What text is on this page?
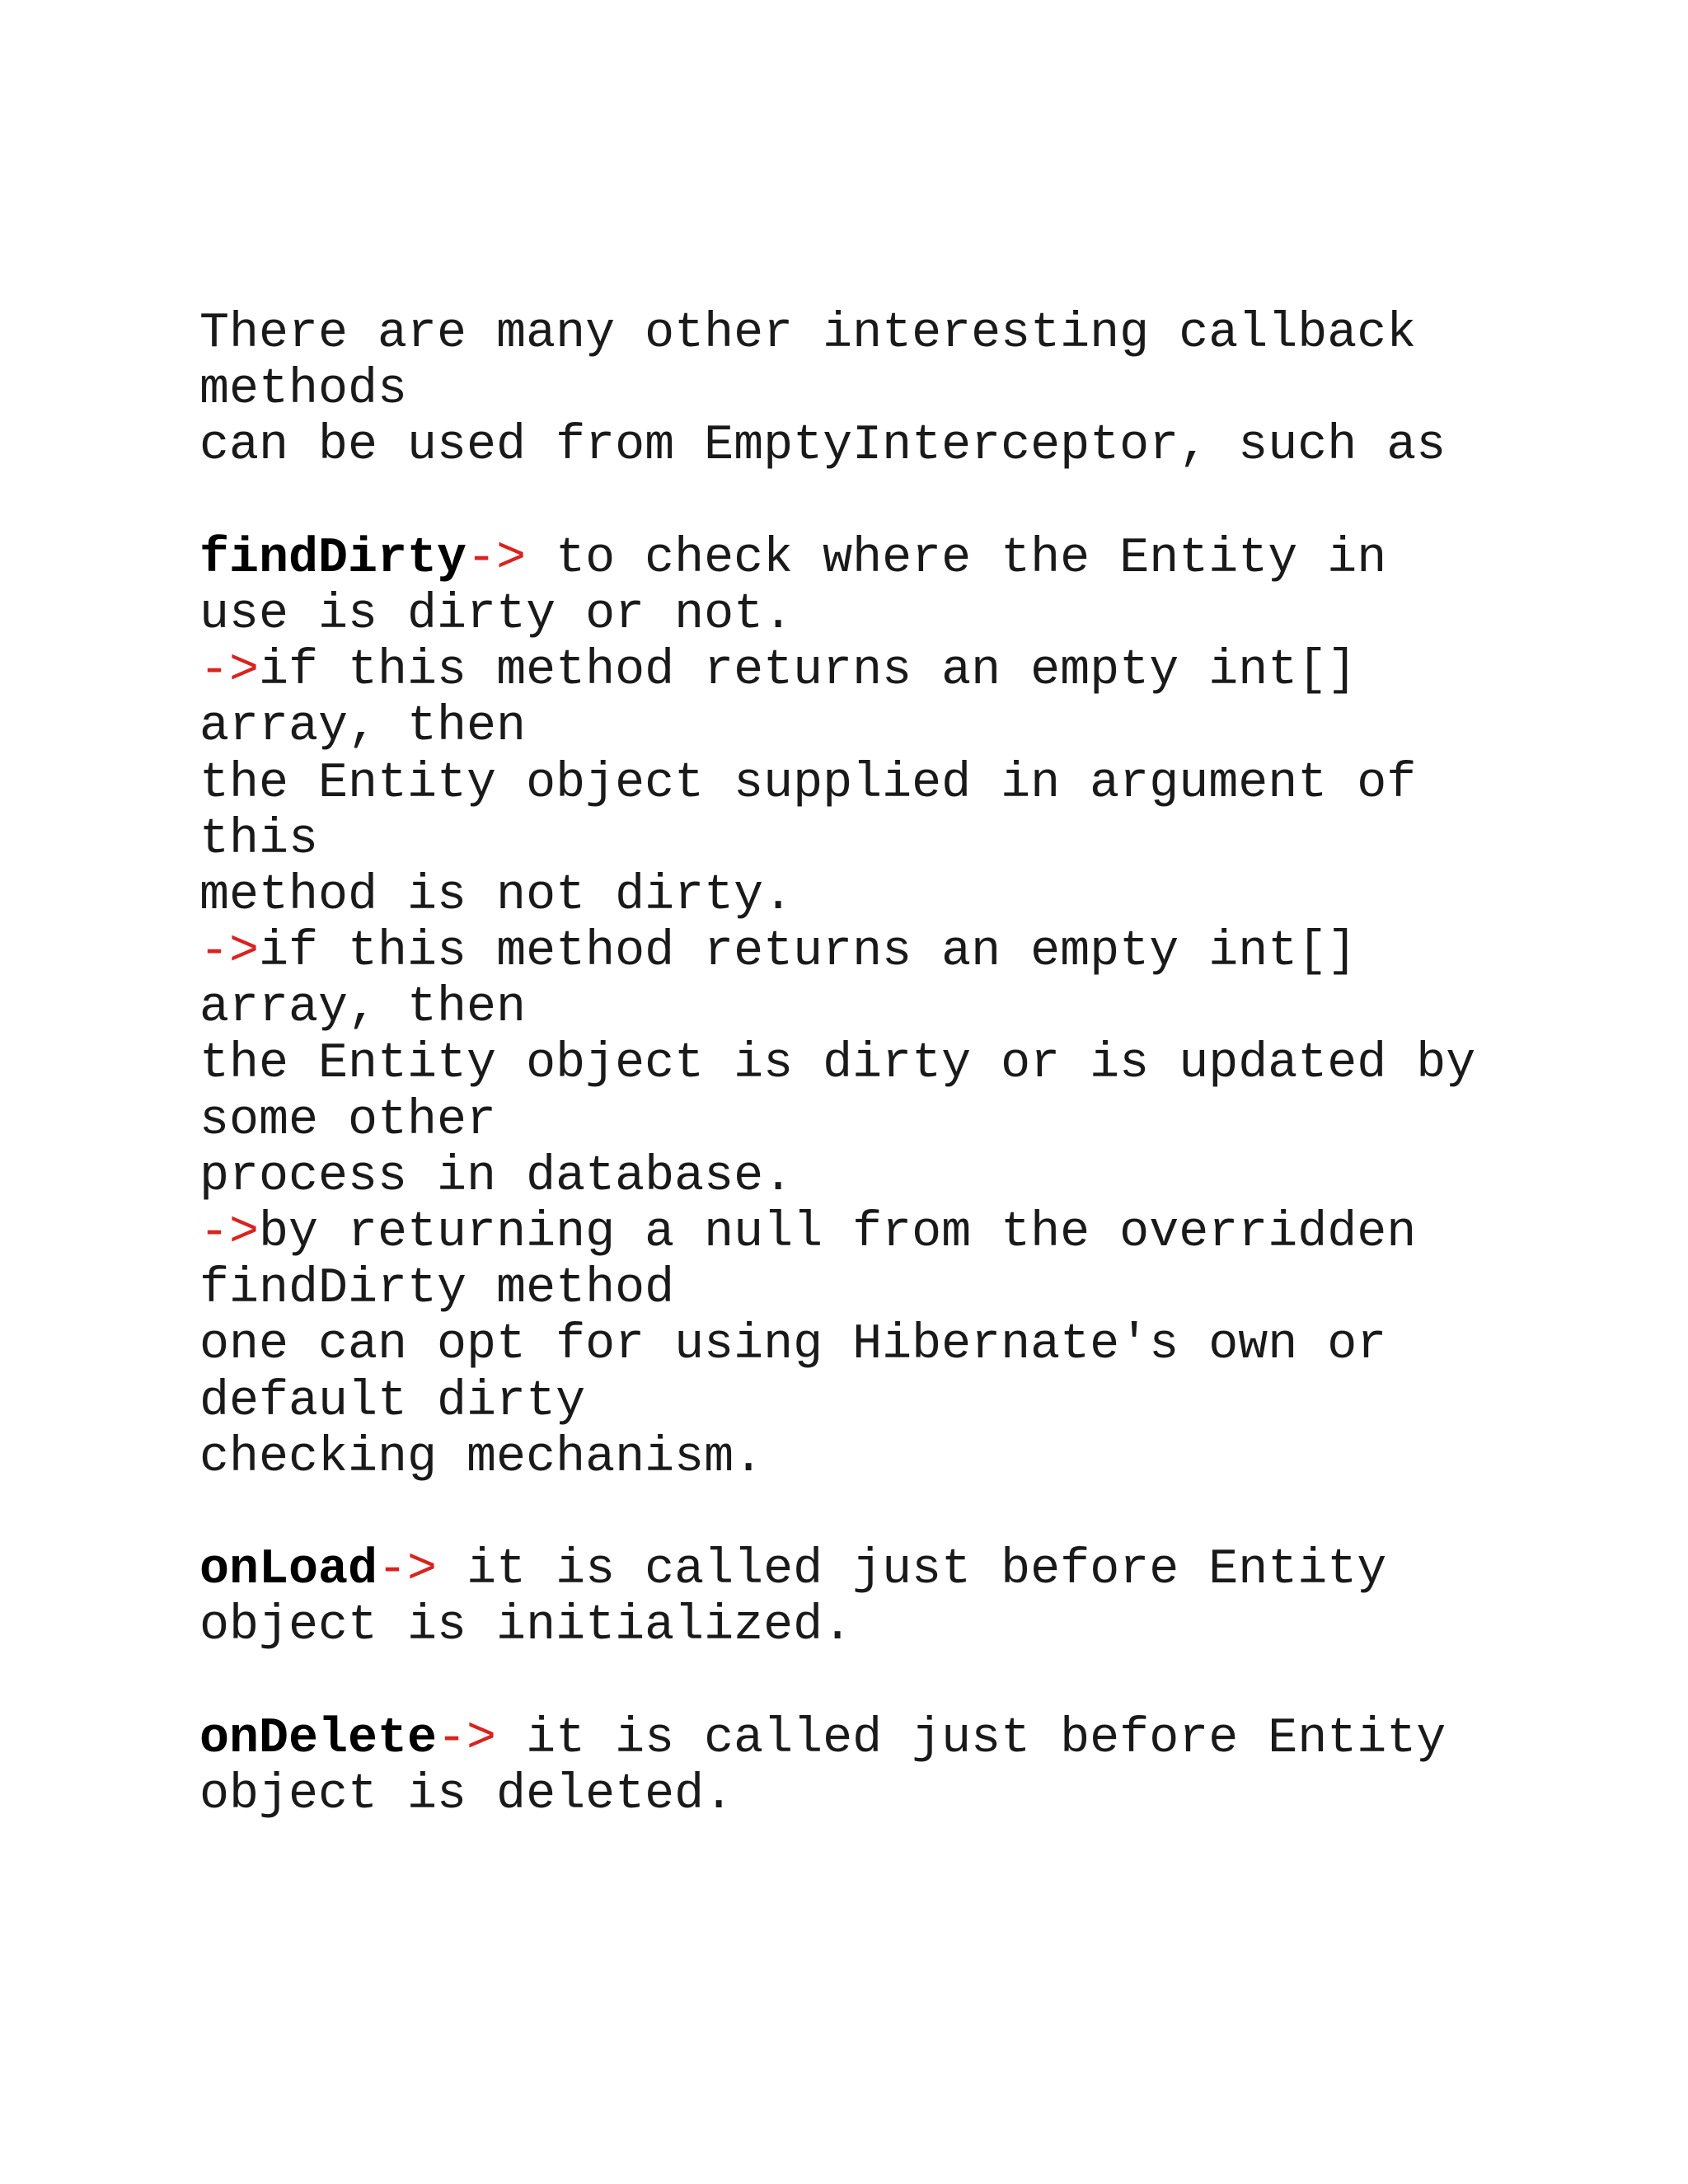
There are many other interesting callback
methods
can be used from EmptyInterceptor, such as
findDirty-> to check where the Entity in
use is dirty or not.
->if this method returns an empty int[]
array, then
the Entity object supplied in argument of
this
method is not dirty.
->if this method returns an empty int[]
array, then
the Entity object is dirty or is updated by
some other
process in database.
->by returning a null from the overridden
findDirty method
one can opt for using Hibernate's own or
default dirty
checking mechanism.
onLoad-> it is called just before Entity
object is initialized.
onDelete-> it is called just before Entity
object is deleted.
